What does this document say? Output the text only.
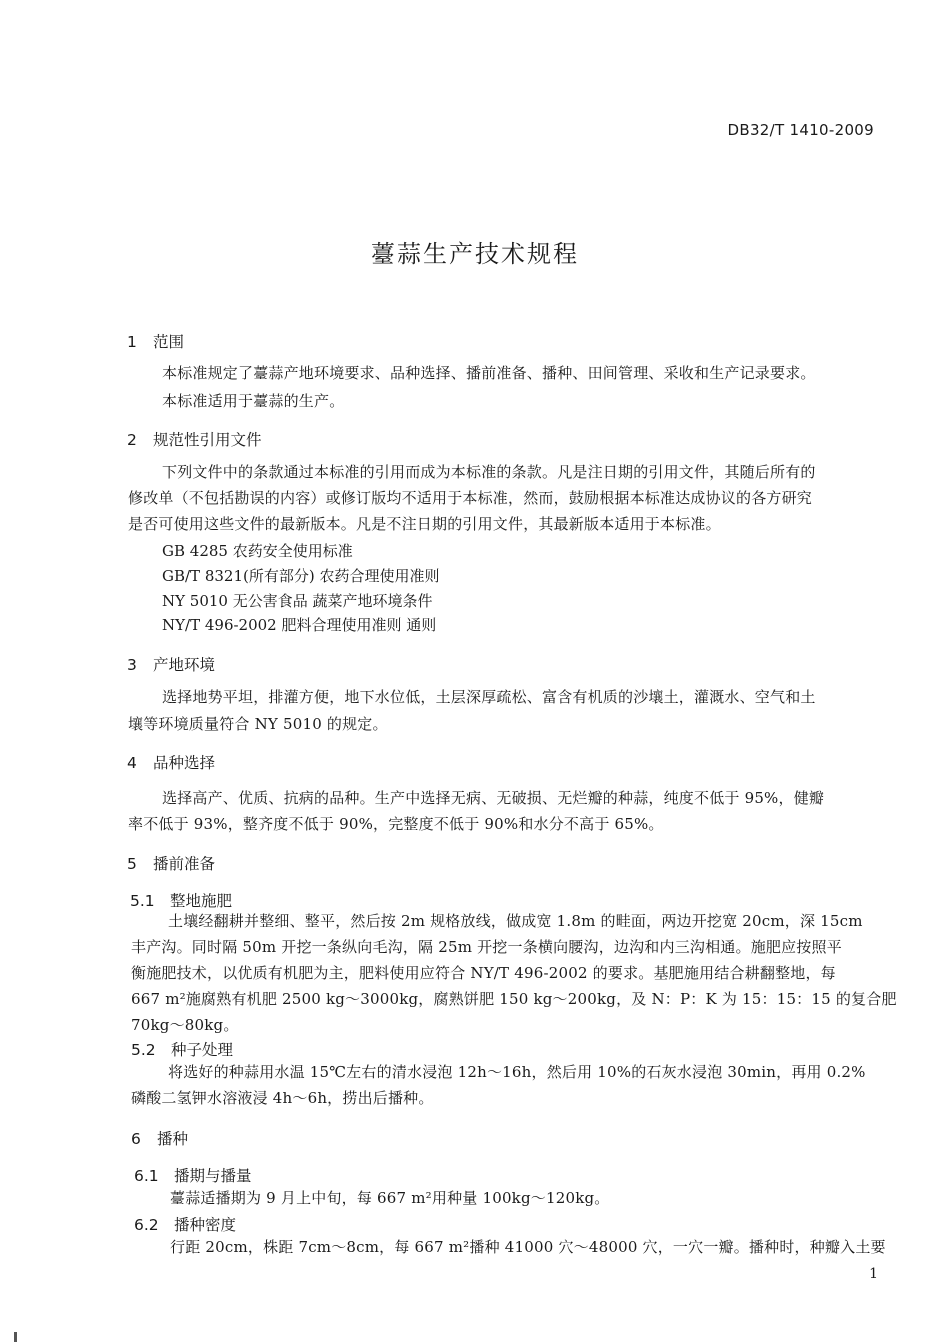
DB32/T 1410-2009
薹蒜生产技术规程
1 范围
本标准规定了薹蒜产地环境要求、品种选择、播前准备、播种、田间管理、采收和生产记录要求。
本标准适用于薹蒜的生产。
2 规范性引用文件
下列文件中的条款通过本标准的引用而成为本标准的条款。凡是注日期的引用文件，其随后所有的
修改单（不包括勘误的内容）或修订版均不适用于本标准，然而，鼓励根据本标准达成协议的各方研究
是否可使用这些文件的最新版本。凡是不注日期的引用文件，其最新版本适用于本标准。
GB 4285 农药安全使用标准
GB/T 8321(所有部分) 农药合理使用准则
NY 5010 无公害食品 蔬菜产地环境条件
NY/T 496-2002 肥料合理使用准则 通则
3 产地环境
选择地势平坦，排灌方便，地下水位低，土层深厚疏松、富含有机质的沙壤土，灌溉水、空气和土
壤等环境质量符合 NY 5010 的规定。
4 品种选择
选择高产、优质、抗病的品种。生产中选择无病、无破损、无烂瓣的种蒜，纯度不低于 95%，健瓣
率不低于 93%，整齐度不低于 90%，完整度不低于 90%和水分不高于 65%。
5 播前准备
5.1 整地施肥
土壤经翻耕并整细、整平，然后按 2m 规格放线，做成宽 1.8m 的畦面，两边开挖宽 20cm，深 15cm
丰产沟。同时隔 50m 开挖一条纵向毛沟，隔 25m 开挖一条横向腰沟，边沟和内三沟相通。施肥应按照平
衡施肥技术，以优质有机肥为主，肥料使用应符合 NY/T 496-2002 的要求。基肥施用结合耕翻整地，每
667 m²施腐熟有机肥 2500 kg～3000kg，腐熟饼肥 150 kg～200kg，及 N：P：K 为 15：15：15 的复合肥
70kg～80kg。
5.2 种子处理
将选好的种蒜用水温 15℃左右的清水浸泡 12h～16h，然后用 10%的石灰水浸泡 30min，再用 0.2%
磷酸二氢钾水溶液浸 4h～6h，捞出后播种。
6 播种
6.1 播期与播量
薹蒜适播期为 9 月上中旬，每 667 m²用种量 100kg～120kg。
6.2 播种密度
行距 20cm，株距 7cm～8cm，每 667 m²播种 41000 穴～48000 穴，一穴一瓣。播种时，种瓣入土要
1
